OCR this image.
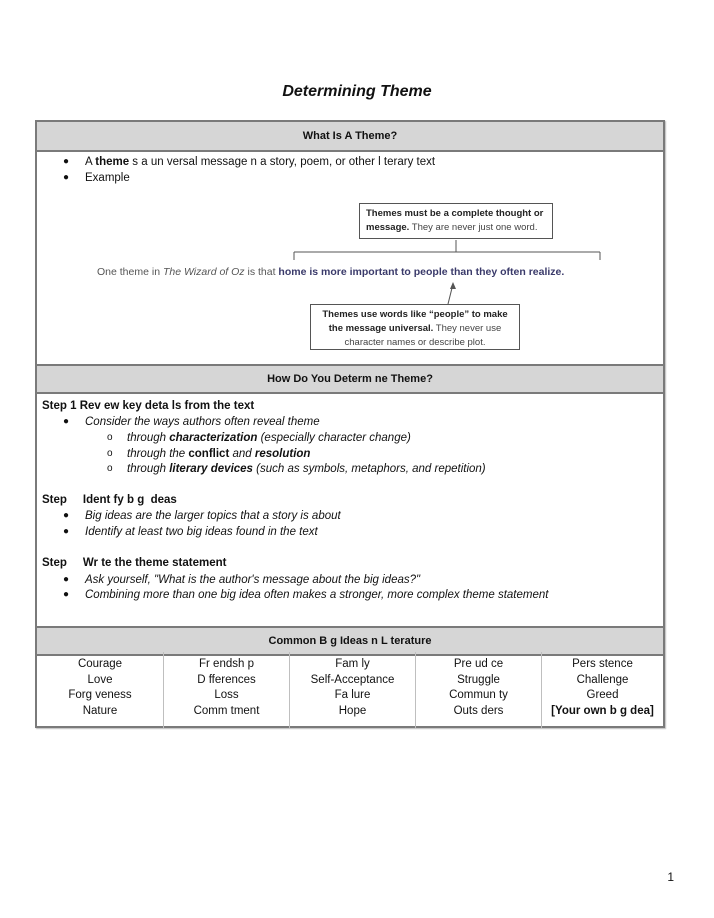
Determining Theme
What Is A Theme?
● A theme s a un versal message n a story, poem, or other l terary text
● Example
Themes must be a complete thought or message. They are never just one word.
One theme in The Wizard of Oz is that home is more important to people than they often realize.
Themes use words like “people” to make the message universal. They never use character names or describe plot.
How Do You Determ ne Theme?
Step 1 Rev ew key deta ls from the text
● Consider the ways authors often reveal theme
o through characterization (especially character change)
o through the conflict and resolution
o through literary devices (such as symbols, metaphors, and repetition)
Step     Ident fy b g  deas
● Big ideas are the larger topics that a story is about
● Identify at least two big ideas found in the text
Step     Wr te the theme statement
● Ask yourself, "What is the author's message about the big ideas?"
● Combining more than one big idea often makes a stronger, more complex theme statement
Common B g Ideas n L terature
Courage
Love
Forg veness
Nature
Fr endsh p
D fferences
Loss
Comm tment
Fam ly
Self-Acceptance
Fa lure
Hope
Pre ud ce
Struggle
Commun ty
Outs ders
Pers stence
Challenge
Greed
[Your own b g dea]
1
